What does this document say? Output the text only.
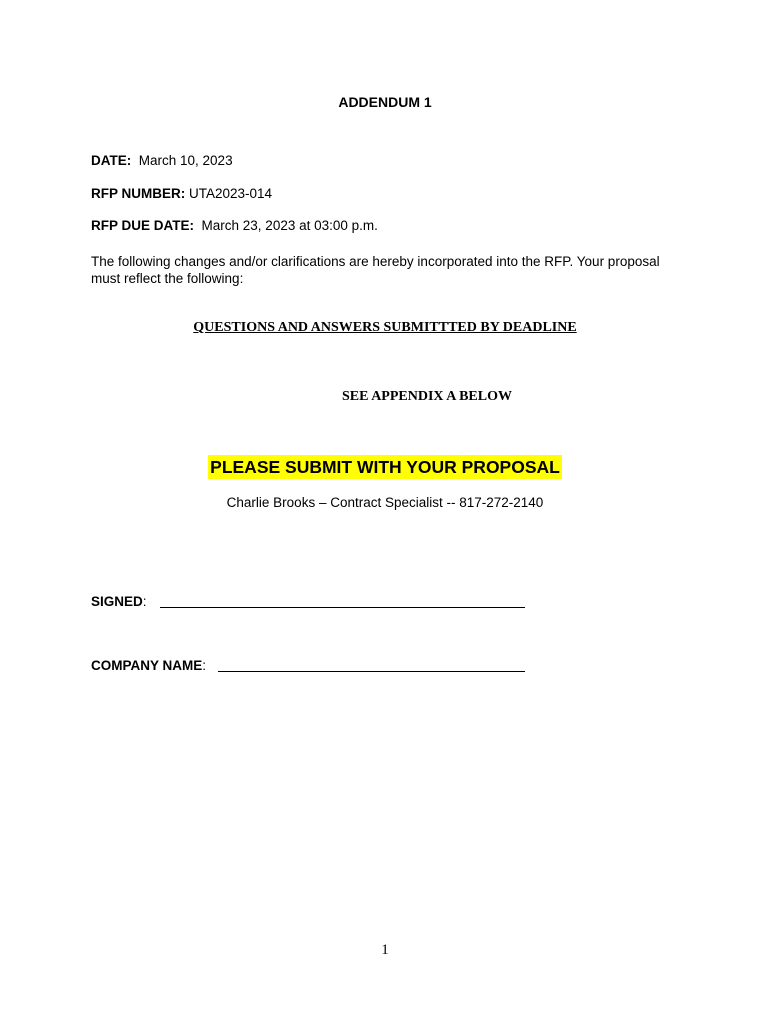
ADDENDUM 1
DATE: March 10, 2023
RFP NUMBER: UTA2023-014
RFP DUE DATE: March 23, 2023 at 03:00 p.m.
The following changes and/or clarifications are hereby incorporated into the RFP. Your proposal must reflect the following:
QUESTIONS AND ANSWERS SUBMITTTED BY DEADLINE
SEE APPENDIX A BELOW
PLEASE SUBMIT WITH YOUR PROPOSAL
Charlie Brooks – Contract Specialist -- 817-272-2140
SIGNED:
COMPANY NAME:
1
